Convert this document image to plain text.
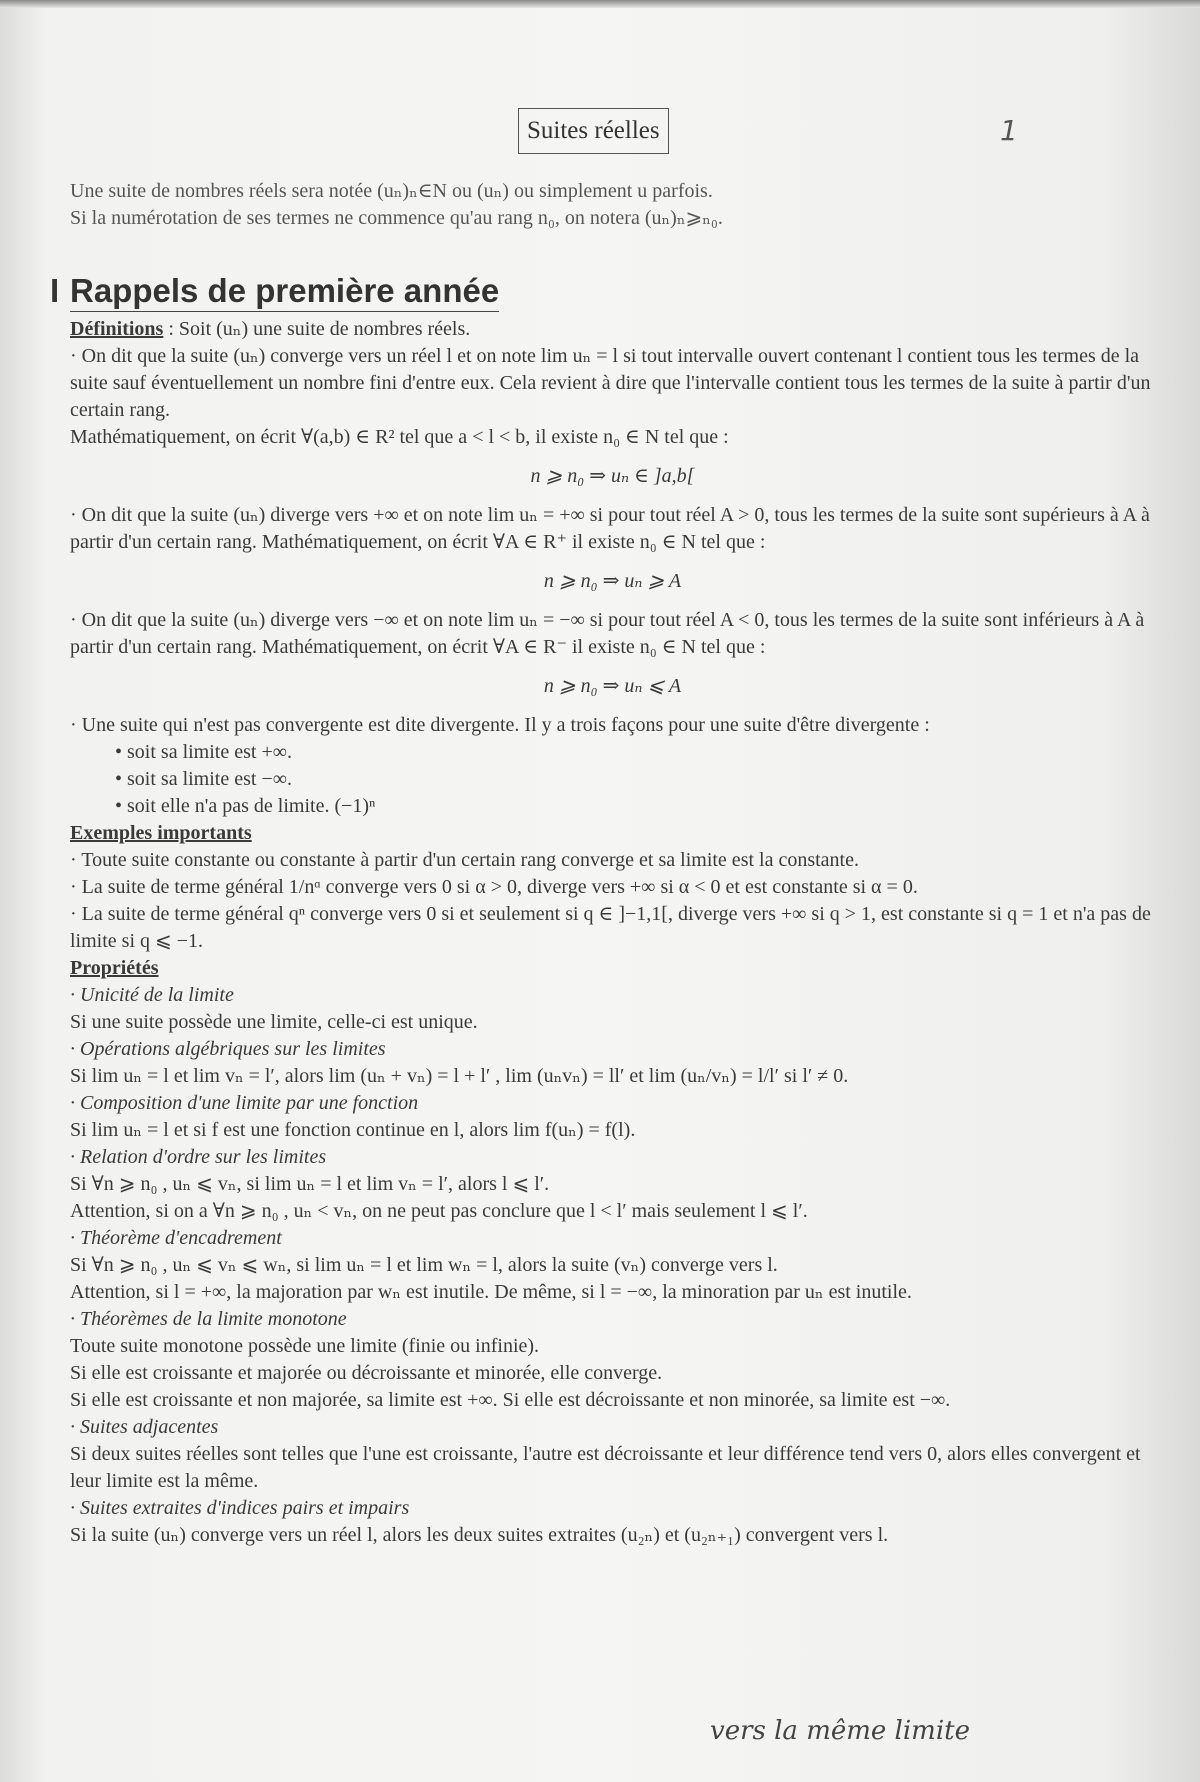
Suites réelles	1

Une suite de nombres réels sera notée (uₙ)ₙ∈N ou (uₙ) ou simplement u parfois.

Si la numérotation de ses termes ne commence qu'au rang n₀, on notera (uₙ)ₙ⩾ₙ₀.

I Rappels de première année

Définitions : Soit (uₙ) une suite de nombres réels.

· On dit que la suite (uₙ) converge vers un réel l et on note lim uₙ = l si tout intervalle ouvert contenant l contient tous les termes de la suite sauf éventuellement un nombre fini d'entre eux. Cela revient à dire que l'intervalle contient tous les termes de la suite à partir d'un certain rang.

Mathématiquement, on écrit ∀(a,b) ∈ R² tel que a < l < b, il existe n₀ ∈ N tel que :

n ⩾ n₀ ⇒ uₙ ∈ ]a,b[

· On dit que la suite (uₙ) diverge vers +∞ et on note lim uₙ = +∞ si pour tout réel A > 0, tous les termes de la suite sont supérieurs à A à partir d'un certain rang. Mathématiquement, on écrit ∀A ∈ R⁺ il existe n₀ ∈ N tel que :

n ⩾ n₀ ⇒ uₙ ⩾ A

· On dit que la suite (uₙ) diverge vers −∞ et on note lim uₙ = −∞ si pour tout réel A < 0, tous les termes de la suite sont inférieurs à A à partir d'un certain rang. Mathématiquement, on écrit ∀A ∈ R⁻ il existe n₀ ∈ N tel que :

n ⩾ n₀ ⇒ uₙ ⩽ A

· Une suite qui n'est pas convergente est dite divergente. Il y a trois façons pour une suite d'être divergente :

• soit sa limite est +∞.

• soit sa limite est −∞.

• soit elle n'a pas de limite. (−1)ⁿ

Exemples importants

· Toute suite constante ou constante à partir d'un certain rang converge et sa limite est la constante.

· La suite de terme général 1/nᵅ converge vers 0 si α > 0, diverge vers +∞ si α < 0 et est constante si α = 0.

· La suite de terme général qⁿ converge vers 0 si et seulement si q ∈ ]−1,1[, diverge vers +∞ si q > 1, est constante si q = 1 et n'a pas de limite si q ⩽ −1.

Propriétés

· Unicité de la limite

Si une suite possède une limite, celle-ci est unique.

· Opérations algébriques sur les limites

Si lim uₙ = l et lim vₙ = l′, alors lim (uₙ + vₙ) = l + l′ , lim (uₙvₙ) = ll′ et lim (uₙ/vₙ) = l/l′ si l′ ≠ 0.

· Composition d'une limite par une fonction

Si lim uₙ = l et si f est une fonction continue en l, alors lim f(uₙ) = f(l).

· Relation d'ordre sur les limites

Si ∀n ⩾ n₀ , uₙ ⩽ vₙ, si lim uₙ = l et lim vₙ = l′, alors l ⩽ l′.

Attention, si on a ∀n ⩾ n₀ , uₙ < vₙ, on ne peut pas conclure que l < l′ mais seulement l ⩽ l′.

· Théorème d'encadrement

Si ∀n ⩾ n₀ , uₙ ⩽ vₙ ⩽ wₙ, si lim uₙ = l et lim wₙ = l, alors la suite (vₙ) converge vers l.

Attention, si l = +∞, la majoration par wₙ est inutile. De même, si l = −∞, la minoration par uₙ est inutile.

· Théorèmes de la limite monotone

Toute suite monotone possède une limite (finie ou infinie).

Si elle est croissante et majorée ou décroissante et minorée, elle converge.

Si elle est croissante et non majorée, sa limite est +∞. Si elle est décroissante et non minorée, sa limite est −∞.

· Suites adjacentes

Si deux suites réelles sont telles que l'une est croissante, l'autre est décroissante et leur différence tend vers 0, alors elles convergent et leur limite est la même.

· Suites extraites d'indices pairs et impairs

Si la suite (uₙ) converge vers un réel l, alors les deux suites extraites (u₂ₙ) et (u₂ₙ₊₁) convergent vers l.

vers la même limite
